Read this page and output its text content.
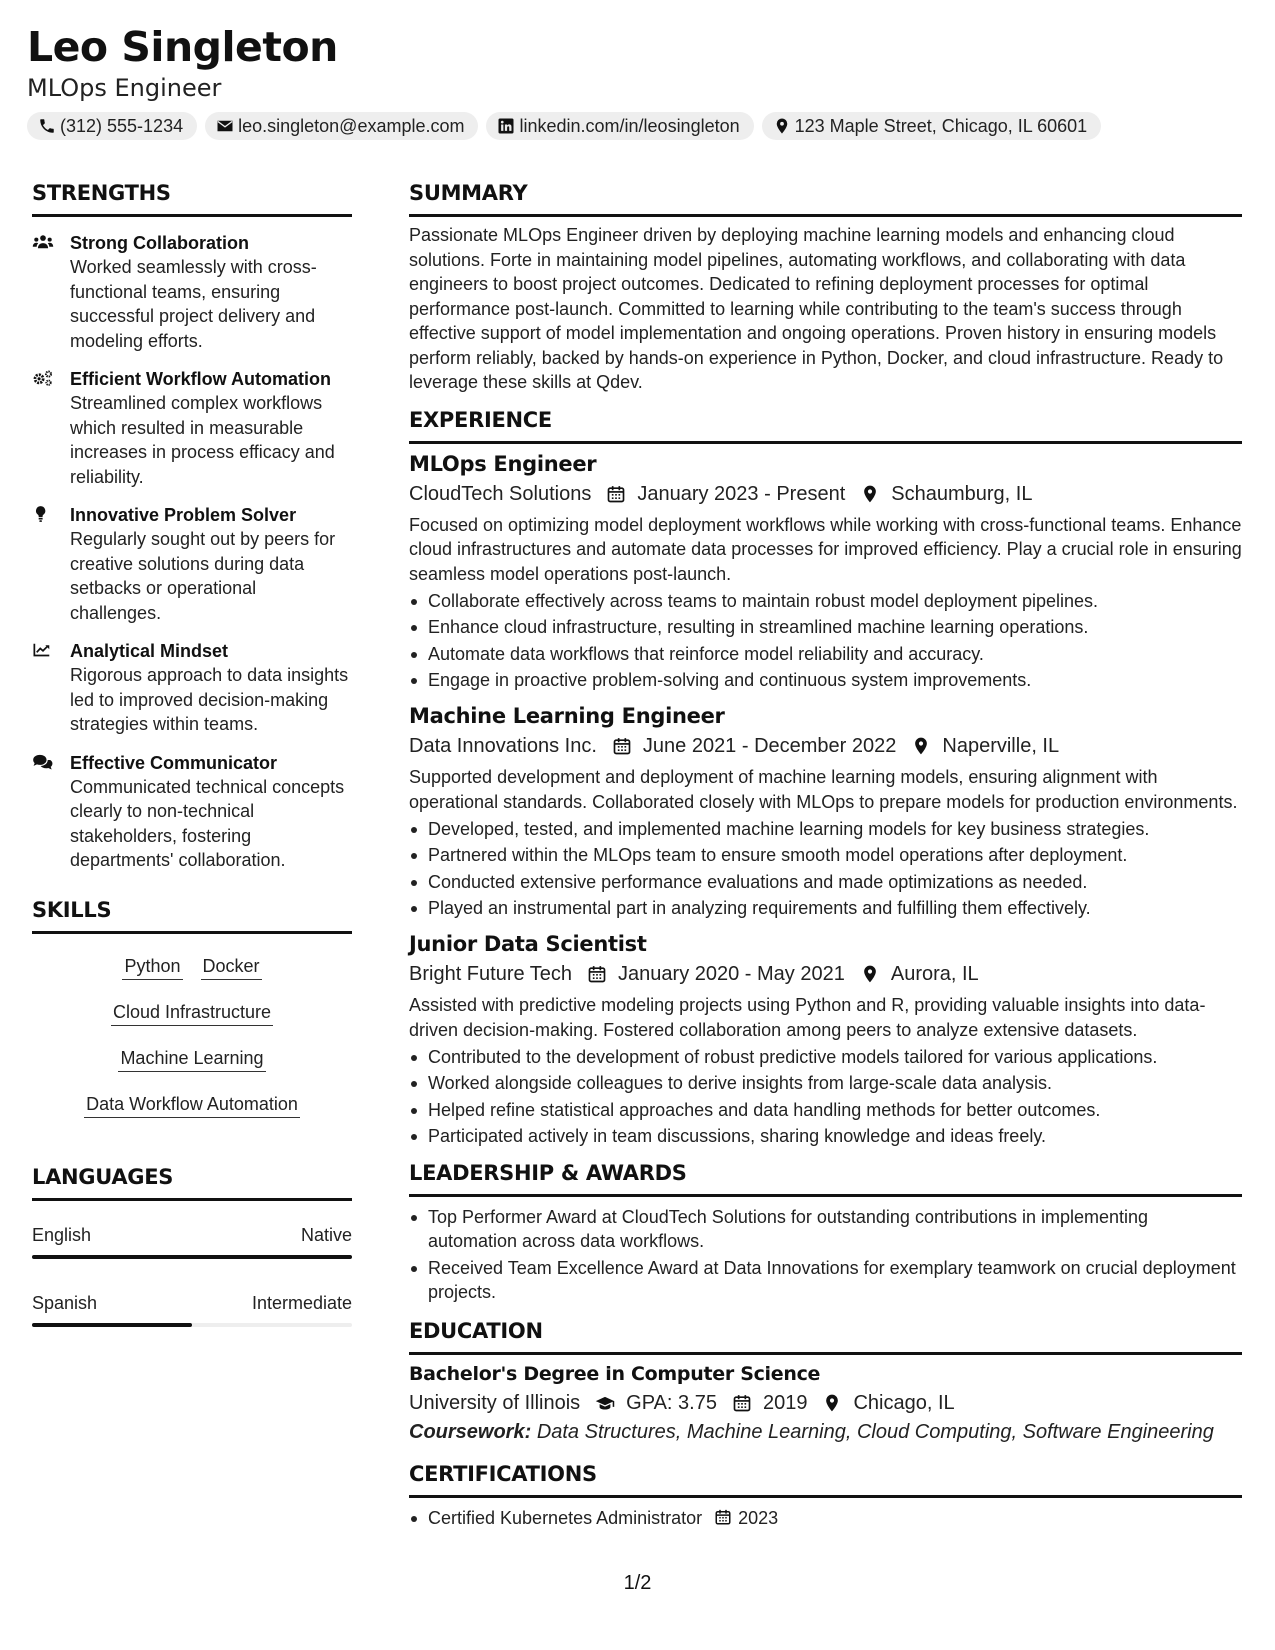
Leo Singleton
MLOps Engineer
(312) 555-1234	leo.singleton@example.com	linkedin.com/in/leosingleton	123 Maple Street, Chicago, IL 60601
STRENGTHS
Strong Collaboration
Worked seamlessly with cross-functional teams, ensuring successful project delivery and modeling efforts.
Efficient Workflow Automation
Streamlined complex workflows which resulted in measurable increases in process efficacy and reliability.
Innovative Problem Solver
Regularly sought out by peers for creative solutions during data setbacks or operational challenges.
Analytical Mindset
Rigorous approach to data insights led to improved decision-making strategies within teams.
Effective Communicator
Communicated technical concepts clearly to non-technical stakeholders, fostering departments' collaboration.
SKILLS
Python Docker
Cloud Infrastructure
Machine Learning
Data Workflow Automation
LANGUAGES
English	Native
Spanish	Intermediate
SUMMARY
Passionate MLOps Engineer driven by deploying machine learning models and enhancing cloud solutions. Forte in maintaining model pipelines, automating workflows, and collaborating with data engineers to boost project outcomes. Dedicated to refining deployment processes for optimal performance post-launch. Committed to learning while contributing to the team's success through effective support of model implementation and ongoing operations. Proven history in ensuring models perform reliably, backed by hands-on experience in Python, Docker, and cloud infrastructure. Ready to leverage these skills at Qdev.
EXPERIENCE
MLOps Engineer
CloudTech Solutions January 2023 - Present Schaumburg, IL
Focused on optimizing model deployment workflows while working with cross-functional teams. Enhance cloud infrastructures and automate data processes for improved efficiency. Play a crucial role in ensuring seamless model operations post-launch.
Collaborate effectively across teams to maintain robust model deployment pipelines.
Enhance cloud infrastructure, resulting in streamlined machine learning operations.
Automate data workflows that reinforce model reliability and accuracy.
Engage in proactive problem-solving and continuous system improvements.
Machine Learning Engineer
Data Innovations Inc. June 2021 - December 2022 Naperville, IL
Supported development and deployment of machine learning models, ensuring alignment with operational standards. Collaborated closely with MLOps to prepare models for production environments.
Developed, tested, and implemented machine learning models for key business strategies.
Partnered within the MLOps team to ensure smooth model operations after deployment.
Conducted extensive performance evaluations and made optimizations as needed.
Played an instrumental part in analyzing requirements and fulfilling them effectively.
Junior Data Scientist
Bright Future Tech January 2020 - May 2021 Aurora, IL
Assisted with predictive modeling projects using Python and R, providing valuable insights into data-driven decision-making. Fostered collaboration among peers to analyze extensive datasets.
Contributed to the development of robust predictive models tailored for various applications.
Worked alongside colleagues to derive insights from large-scale data analysis.
Helped refine statistical approaches and data handling methods for better outcomes.
Participated actively in team discussions, sharing knowledge and ideas freely.
LEADERSHIP & AWARDS
Top Performer Award at CloudTech Solutions for outstanding contributions in implementing automation across data workflows.
Received Team Excellence Award at Data Innovations for exemplary teamwork on crucial deployment projects.
EDUCATION
Bachelor's Degree in Computer Science
University of Illinois GPA: 3.75 2019 Chicago, IL
Coursework: Data Structures, Machine Learning, Cloud Computing, Software Engineering
CERTIFICATIONS
Certified Kubernetes Administrator 2023
1/2
